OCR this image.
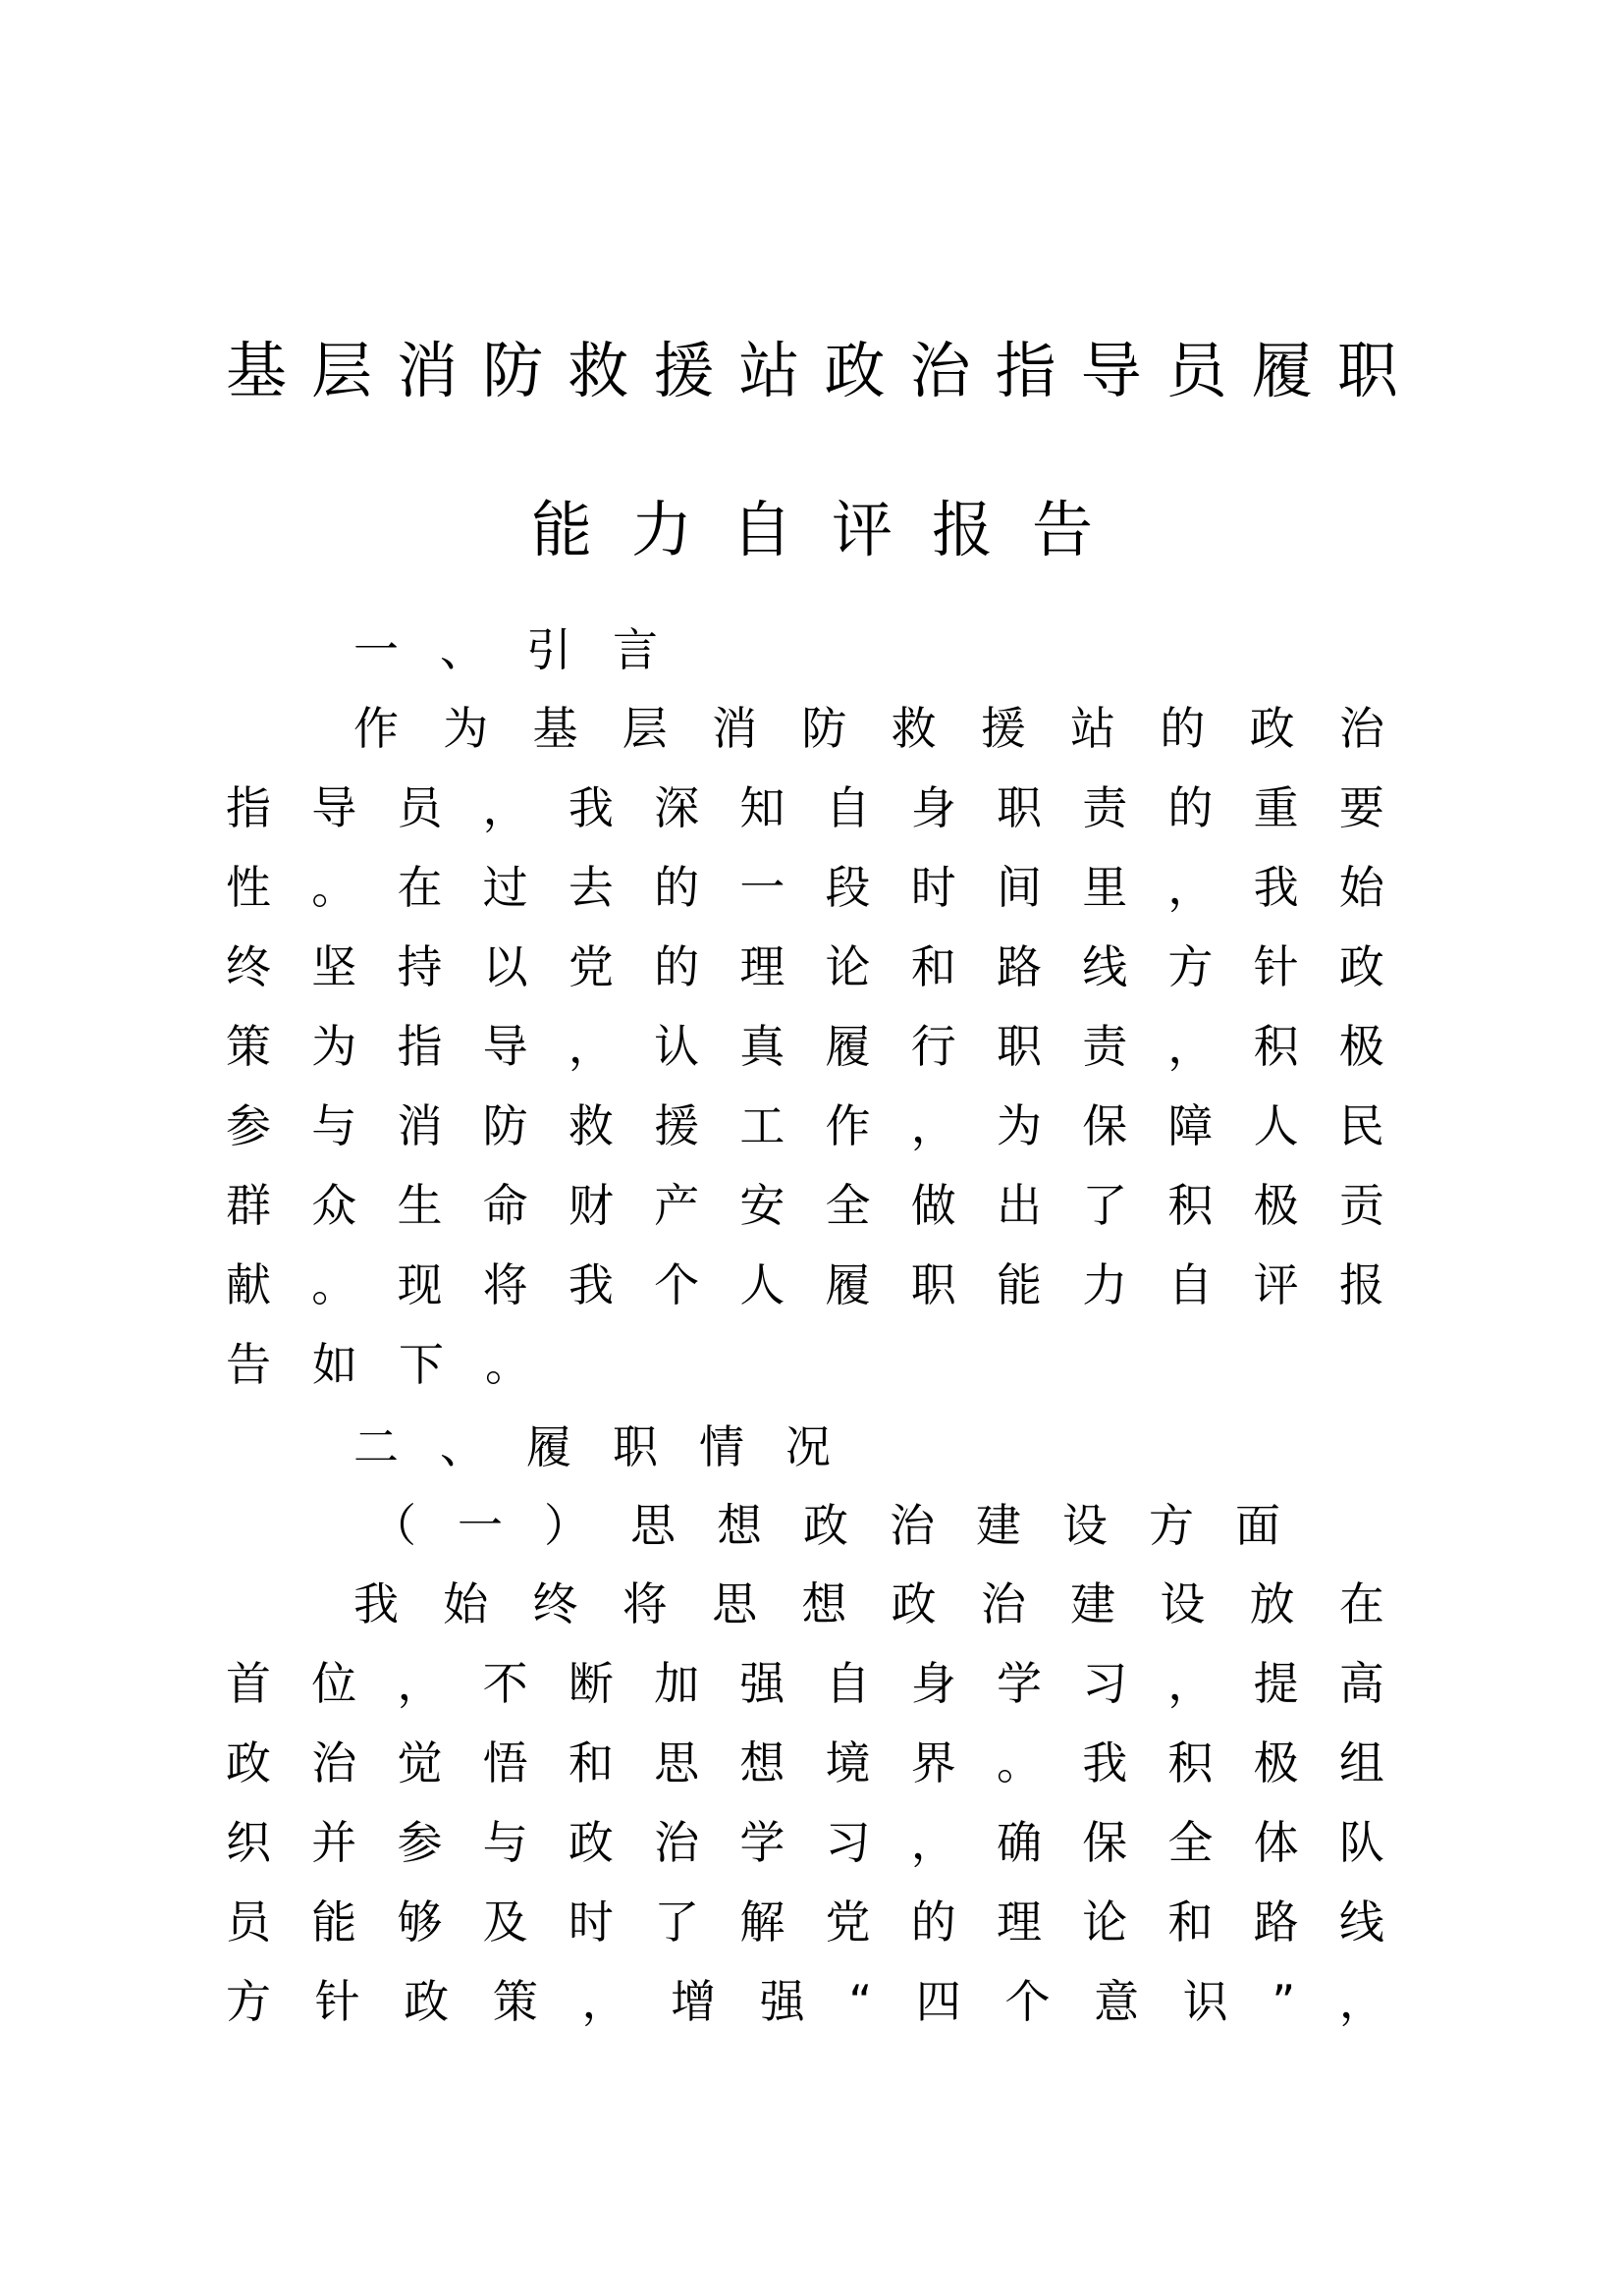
基 层 消 防 救 援 站 政 治 指 导 员 履 职
能 力 自 评 报 告
一 、 引 言
作 为 基 层 消 防 救 援 站 的 政 治
指 导 员 ， 我 深 知 自 身 职 责 的 重 要
性 。 在 过 去 的 一 段 时 间 里 ， 我 始
终 坚 持 以 党 的 理 论 和 路 线 方 针 政
策 为 指 导 ， 认 真 履 行 职 责 ， 积 极
参 与 消 防 救 援 工 作 ， 为 保 障 人 民
群 众 生 命 财 产 安 全 做 出 了 积 极 贡
献 。 现 将 我 个 人 履 职 能 力 自 评 报
告 如 下 。
二 、 履 职 情 况
（ 一 ） 思 想 政 治 建 设 方 面
我 始 终 将 思 想 政 治 建 设 放 在
首 位 ， 不 断 加 强 自 身 学 习 ， 提 高
政 治 觉 悟 和 思 想 境 界 。 我 积 极 组
织 并 参 与 政 治 学 习 ， 确 保 全 体 队
员 能 够 及 时 了 解 党 的 理 论 和 路 线
方 针 政 策 ， 增 强 “ 四 个 意 识 ” ，
